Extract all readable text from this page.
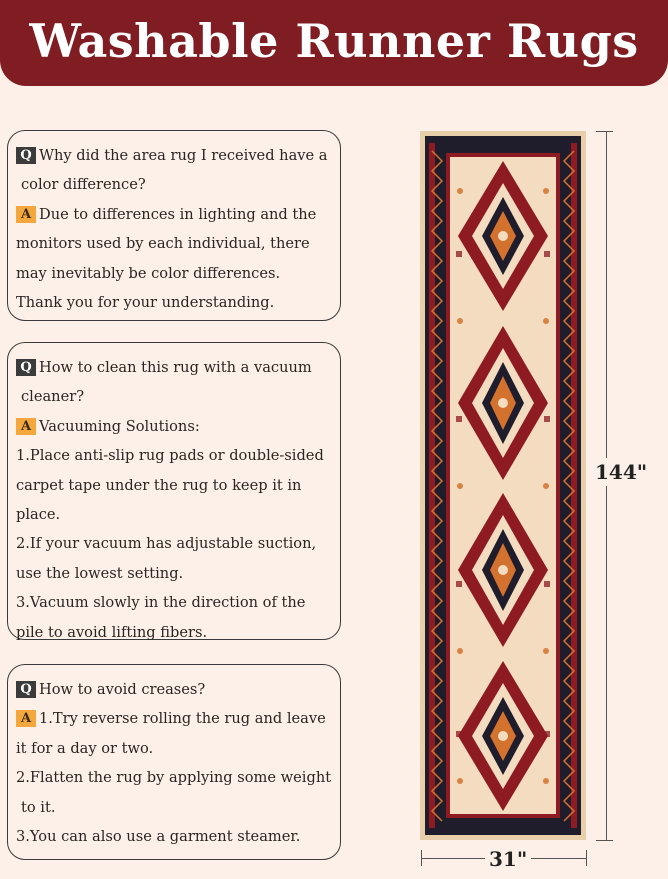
Washable Runner Rugs

Q Why did the area rug I received have a

color difference?

A Due to differences in lighting and the

monitors used by each individual, there

may inevitably be color differences.

Thank you for your understanding.

Q How to clean this rug with a vacuum

cleaner?

A Vacuuming Solutions:

1.Place anti-slip rug pads or double-sided

carpet tape under the rug to keep it in

place.

2.If your vacuum has adjustable suction,

use the lowest setting.

3.Vacuum slowly in the direction of the

pile to avoid lifting fibers.

Q How to avoid creases?

A 1.Try reverse rolling the rug and leave

it for a day or two.

2.Flatten the rug by applying some weight

to it.

3.You can also use a garment steamer.

144"
31"
